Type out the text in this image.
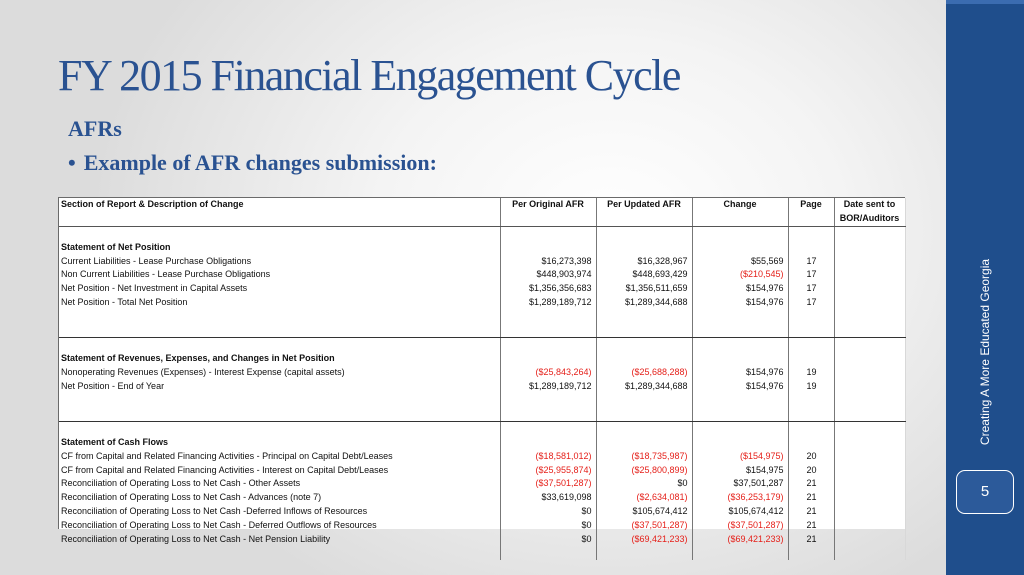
FY 2015 Financial Engagement Cycle
AFRs
• Example of AFR changes submission:
Section of Report & Description of Change	Per Original AFR	Per Updated AFR	Change	Page	Date sent to
					BOR/Auditors

Statement of Net Position					
Current Liabilities - Lease Purchase Obligations	$16,273,398	$16,328,967	$55,569	17	
Non Current Liabilities - Lease Purchase Obligations	$448,903,974	$448,693,429	($210,545)	17	
Net Position - Net Investment in Capital Assets	$1,356,356,683	$1,356,511,659	$154,976	17	
Net Position - Total Net Position	$1,289,189,712	$1,289,344,688	$154,976	17	

Statement of Revenues, Expenses, and Changes in Net Position					
Nonoperating Revenues (Expenses) - Interest Expense (capital assets)	($25,843,264)	($25,688,288)	$154,976	19	
Net Position - End of Year	$1,289,189,712	$1,289,344,688	$154,976	19	

Statement of Cash Flows					
CF from Capital and Related Financing Activities - Principal on Capital Debt/Leases	($18,581,012)	($18,735,987)	($154,975)	20	
CF from Capital and Related Financing Activities - Interest on Capital Debt/Leases	($25,955,874)	($25,800,899)	$154,975	20	
Reconciliation of Operating Loss to Net Cash - Other Assets	($37,501,287)	$0	$37,501,287	21	
Reconciliation of Operating Loss to Net Cash - Advances (note 7)	$33,619,098	($2,634,081)	($36,253,179)	21	
Reconciliation of Operating Loss to Net Cash -Deferred Inflows of Resources	$0	$105,674,412	$105,674,412	21	
Reconciliation of Operating Loss to Net Cash - Deferred Outflows of Resources	$0	($37,501,287)	($37,501,287)	21	
Reconciliation of Operating Loss to Net Cash - Net Pension Liability	$0	($69,421,233)	($69,421,233)	21	

Creating A More Educated Georgia
5
